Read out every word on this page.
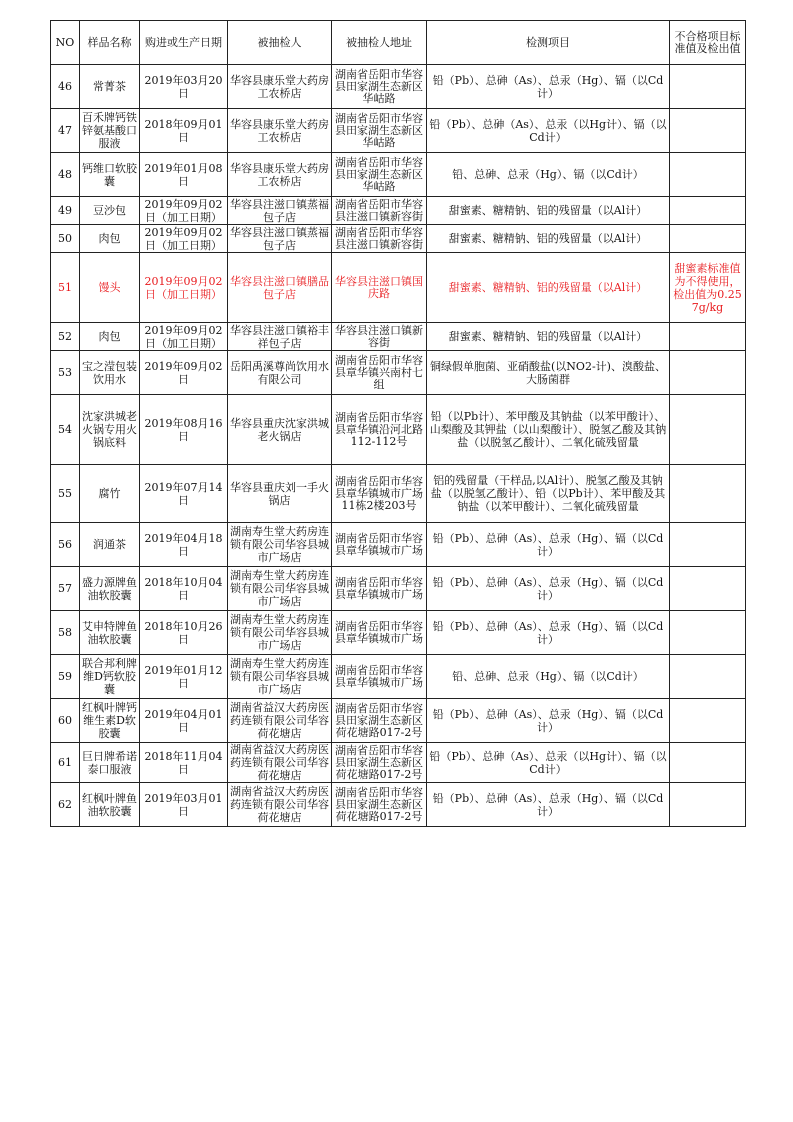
NO	样品名称	购进或生产日期	被抽检人	被抽检人地址	检测项目	不合格项目标准值及检出值
46	常菁茶	2019年03月20日	华容县康乐堂大药房工农桥店	湖南省岳阳市华容县田家湖生态新区华岵路	铅（Pb）、总砷（As）、总汞（Hg）、镉（以Cd计）	
47	百禾牌钙铁锌氨基酸口服液	2018年09月01日	华容县康乐堂大药房工农桥店	湖南省岳阳市华容县田家湖生态新区华岵路	铅（Pb）、总砷（As）、总汞（以Hg计）、镉（以Cd计）	
48	钙维口软胶囊	2019年01月08日	华容县康乐堂大药房工农桥店	湖南省岳阳市华容县田家湖生态新区华岵路	铅、总砷、总汞（Hg）、镉（以Cd计）	
49	豆沙包	2019年09月02日（加工日期）	华容县注滋口镇蒸福包子店	湖南省岳阳市华容县注滋口镇新容街	甜蜜素、糖精钠、铝的残留量（以Al计）	
50	肉包	2019年09月02日（加工日期）	华容县注滋口镇蒸福包子店	湖南省岳阳市华容县注滋口镇新容街	甜蜜素、糖精钠、铝的残留量（以Al计）	
51	馒头	2019年09月02日（加工日期）	华容县注滋口镇膳品包子店	华容县注滋口镇国庆路	甜蜜素、糖精钠、铝的残留量（以Al计）	甜蜜素标准值为不得使用，检出值为0.257g/kg
52	肉包	2019年09月02日（加工日期）	华容县注滋口镇裕丰祥包子店	华容县注滋口镇新容街	甜蜜素、糖精钠、铝的残留量（以Al计）	
53	宝之滢包装饮用水	2019年09月02日	岳阳禹溪尊尚饮用水有限公司	湖南省岳阳市华容县章华镇兴南村七组	铜绿假单胞菌、亚硝酸盐(以NO2-计)、溴酸盐、大肠菌群	
54	沈家洪城老火锅专用火锅底料	2019年08月16日	华容县重庆沈家洪城老火锅店	湖南省岳阳市华容县章华镇沿河北路112-112号	铅（以Pb计）、苯甲酸及其钠盐（以苯甲酸计）、山梨酸及其钾盐（以山梨酸计）、脱氢乙酸及其钠盐（以脱氢乙酸计）、二氧化硫残留量	
55	腐竹	2019年07月14日	华容县重庆刘一手火锅店	湖南省岳阳市华容县章华镇城市广场11栋2楼203号	铝的残留量（干样品,以Al计）、脱氢乙酸及其钠盐（以脱氢乙酸计）、铅（以Pb计）、苯甲酸及其钠盐（以苯甲酸计）、二氧化硫残留量	
56	润通茶	2019年04月18日	湖南寿生堂大药房连锁有限公司华容县城市广场店	湖南省岳阳市华容县章华镇城市广场	铅（Pb）、总砷（As）、总汞（Hg）、镉（以Cd计）	
57	盛力源牌鱼油软胶囊	2018年10月04日	湖南寿生堂大药房连锁有限公司华容县城市广场店	湖南省岳阳市华容县章华镇城市广场	铅（Pb）、总砷（As）、总汞（Hg）、镉（以Cd计）	
58	艾申特牌鱼油软胶囊	2018年10月26日	湖南寿生堂大药房连锁有限公司华容县城市广场店	湖南省岳阳市华容县章华镇城市广场	铅（Pb）、总砷（As）、总汞（Hg）、镉（以Cd计）	
59	联合邦利牌维D钙软胶囊	2019年01月12日	湖南寿生堂大药房连锁有限公司华容县城市广场店	湖南省岳阳市华容县章华镇城市广场	铅、总砷、总汞（Hg）、镉（以Cd计）	
60	红枫叶牌钙维生素D软胶囊	2019年04月01日	湖南省益汉大药房医药连锁有限公司华容荷花塘店	湖南省岳阳市华容县田家湖生态新区荷花塘路017-2号	铅（Pb）、总砷（As）、总汞（Hg）、镉（以Cd计）	
61	巨日牌希诺泰口服液	2018年11月04日	湖南省益汉大药房医药连锁有限公司华容荷花塘店	湖南省岳阳市华容县田家湖生态新区荷花塘路017-2号	铅（Pb）、总砷（As）、总汞（以Hg计）、镉（以Cd计）	
62	红枫叶牌鱼油软胶囊	2019年03月01日	湖南省益汉大药房医药连锁有限公司华容荷花塘店	湖南省岳阳市华容县田家湖生态新区荷花塘路017-2号	铅（Pb）、总砷（As）、总汞（Hg）、镉（以Cd计）	
